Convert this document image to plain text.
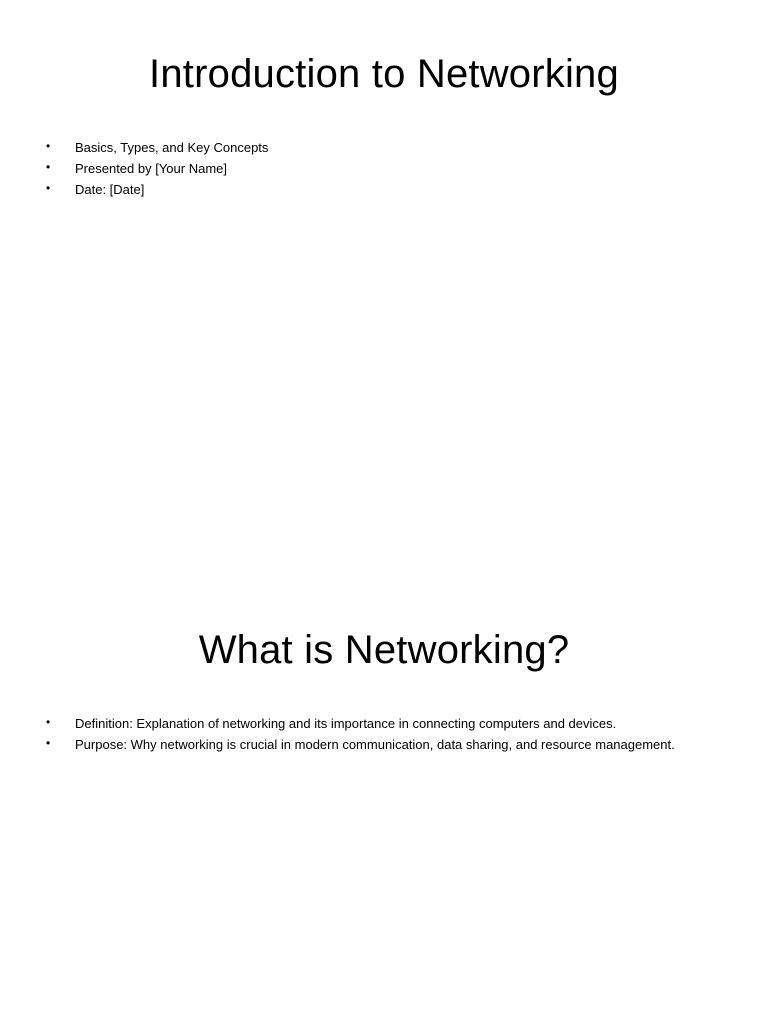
Introduction to Networking
•	Basics, Types, and Key Concepts
•	Presented by [Your Name]
•	Date: [Date]
What is Networking?
•	Definition: Explanation of networking and its importance in connecting computers and devices.
•	Purpose: Why networking is crucial in modern communication, data sharing, and resource management.
